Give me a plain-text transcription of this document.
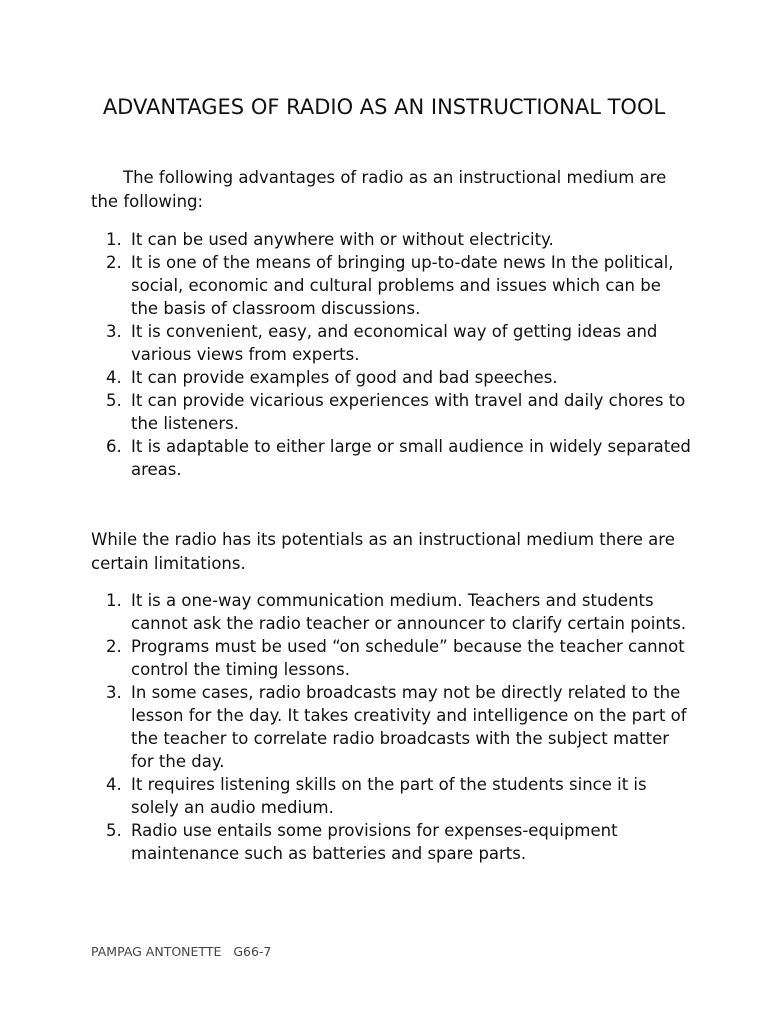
ADVANTAGES OF RADIO AS AN INSTRUCTIONAL TOOL

The following advantages of radio as an instructional medium are the following:

1. It can be used anywhere with or without electricity.
2. It is one of the means of bringing up-to-date news In the political, social, economic and cultural problems and issues which can be the basis of classroom discussions.
3. It is convenient, easy, and economical way of getting ideas and various views from experts.
4. It can provide examples of good and bad speeches.
5. It can provide vicarious experiences with travel and daily chores to the listeners.
6. It is adaptable to either large or small audience in widely separated areas.

While the radio has its potentials as an instructional medium there are certain limitations.

1. It is a one-way communication medium. Teachers and students cannot ask the radio teacher or announcer to clarify certain points.
2. Programs must be used “on schedule” because the teacher cannot control the timing lessons.
3. In some cases, radio broadcasts may not be directly related to the lesson for the day. It takes creativity and intelligence on the part of the teacher to correlate radio broadcasts with the subject matter for the day.
4. It requires listening skills on the part of the students since it is solely an audio medium.
5. Radio use entails some provisions for expenses-equipment maintenance such as batteries and spare parts.
PAMPAG ANTONETTE G66-7
